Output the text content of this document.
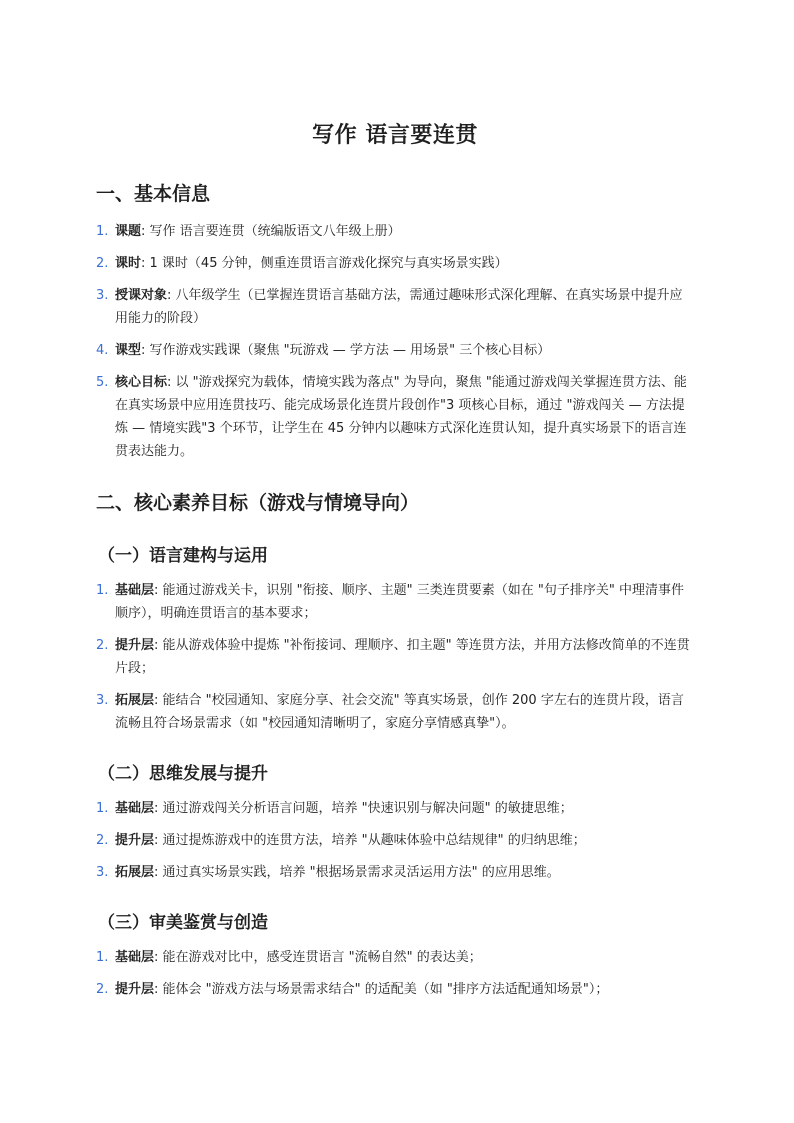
写作 语言要连贯
一、基本信息
1. 课题: 写作 语言要连贯（统编版语文八年级上册）
2. 课时: 1 课时（45 分钟，侧重连贯语言游戏化探究与真实场景实践）
3. 授课对象: 八年级学生（已掌握连贯语言基础方法，需通过趣味形式深化理解、在真实场景中提升应用能力的阶段）
4. 课型: 写作游戏实践课（聚焦 "玩游戏 — 学方法 — 用场景" 三个核心目标）
5. 核心目标: 以 "游戏探究为载体，情境实践为落点" 为导向，聚焦 "能通过游戏闯关掌握连贯方法、能在真实场景中应用连贯技巧、能完成场景化连贯片段创作"3 项核心目标，通过 "游戏闯关 — 方法提炼 — 情境实践"3 个环节，让学生在 45 分钟内以趣味方式深化连贯认知，提升真实场景下的语言连贯表达能力。
二、核心素养目标（游戏与情境导向）
（一）语言建构与运用
1. 基础层: 能通过游戏关卡，识别 "衔接、顺序、主题" 三类连贯要素（如在 "句子排序关" 中理清事件顺序），明确连贯语言的基本要求；
2. 提升层: 能从游戏体验中提炼 "补衔接词、理顺序、扣主题" 等连贯方法，并用方法修改简单的不连贯片段；
3. 拓展层: 能结合 "校园通知、家庭分享、社会交流" 等真实场景，创作 200 字左右的连贯片段，语言流畅且符合场景需求（如 "校园通知清晰明了，家庭分享情感真挚"）。
（二）思维发展与提升
1. 基础层: 通过游戏闯关分析语言问题，培养 "快速识别与解决问题" 的敏捷思维；
2. 提升层: 通过提炼游戏中的连贯方法，培养 "从趣味体验中总结规律" 的归纳思维；
3. 拓展层: 通过真实场景实践，培养 "根据场景需求灵活运用方法" 的应用思维。
（三）审美鉴赏与创造
1. 基础层: 能在游戏对比中，感受连贯语言 "流畅自然" 的表达美；
2. 提升层: 能体会 "游戏方法与场景需求结合" 的适配美（如 "排序方法适配通知场景"）；
